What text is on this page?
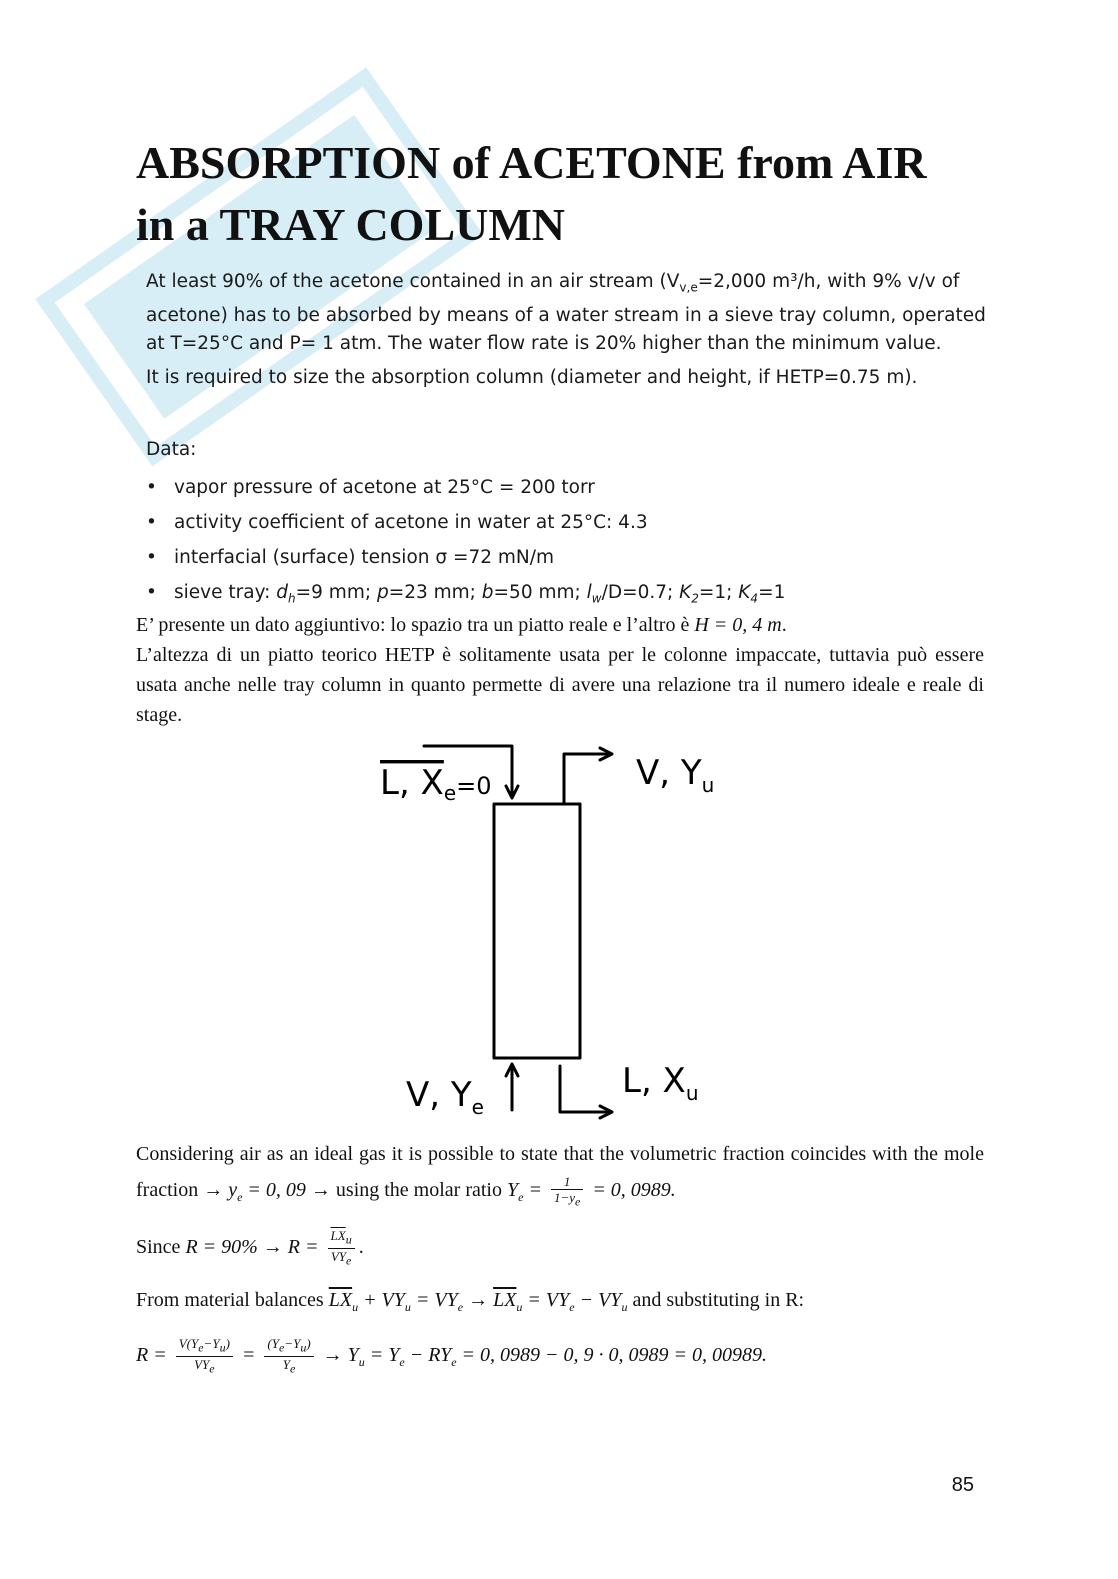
ABSORPTION of ACETONE from AIR
in a TRAY COLUMN

At least 90% of the acetone contained in an air stream ($V_{v,e}=2,000$ m³/h, with 9% v/v of acetone) has to be absorbed by means of a water stream in a sieve tray column, operated at T=25°C and P= 1 atm. The water flow rate is 20% higher than the minimum value.

It is required to size the absorption column (diameter and height, if HETP=0.75 m).

Data:

• vapor pressure of acetone at 25°C = 200 torr
• activity coefficient of acetone in water at 25°C: 4.3
• interfacial (surface) tension σ =72 mN/m
• sieve tray: $d_h=9$ mm; p=23 mm; b=50 mm; $l_w/D=0.7$; $K_2=1$; $K_4=1$

E’ presente un dato aggiuntivo: lo spazio tra un piatto reale e l’altro è H = 0, 4 m.

L’altezza di un piatto teorico HETP è solitamente usata per le colonne impaccate, tuttavia può essere usata anche nelle tray column in quanto permette di avere una relazione tra il numero ideale e reale di stage.

L, Xe=0	V, $Y_u$
V, $Y_e$
L, $X_u$

Considering air as an ideal gas it is possible to state that the volumetric fraction coincides with the mole fraction → $y_e = 0$, 09 → using the molar ratio $Y_e = \frac{1}{1-y_e} = 0$, 0989.

Since $R = 90\% \to R = \frac{\overline{LX}_u}{\overline{VY}_e}$ .

From material balances $\overline{LX}_u + VY_u = VY_e \to \overline{LX}_u = VY_e - VY_u$ and substituting in R:

$R = \frac{V(Y_e-Y_u)}{VY_e} = \frac{(Y_e-Y_u)}{Y_e} \to Y_u = Y_e - RY_e = 0$, 0989 − 0, 9 · 0, 0989 = 0, 00989.

85
